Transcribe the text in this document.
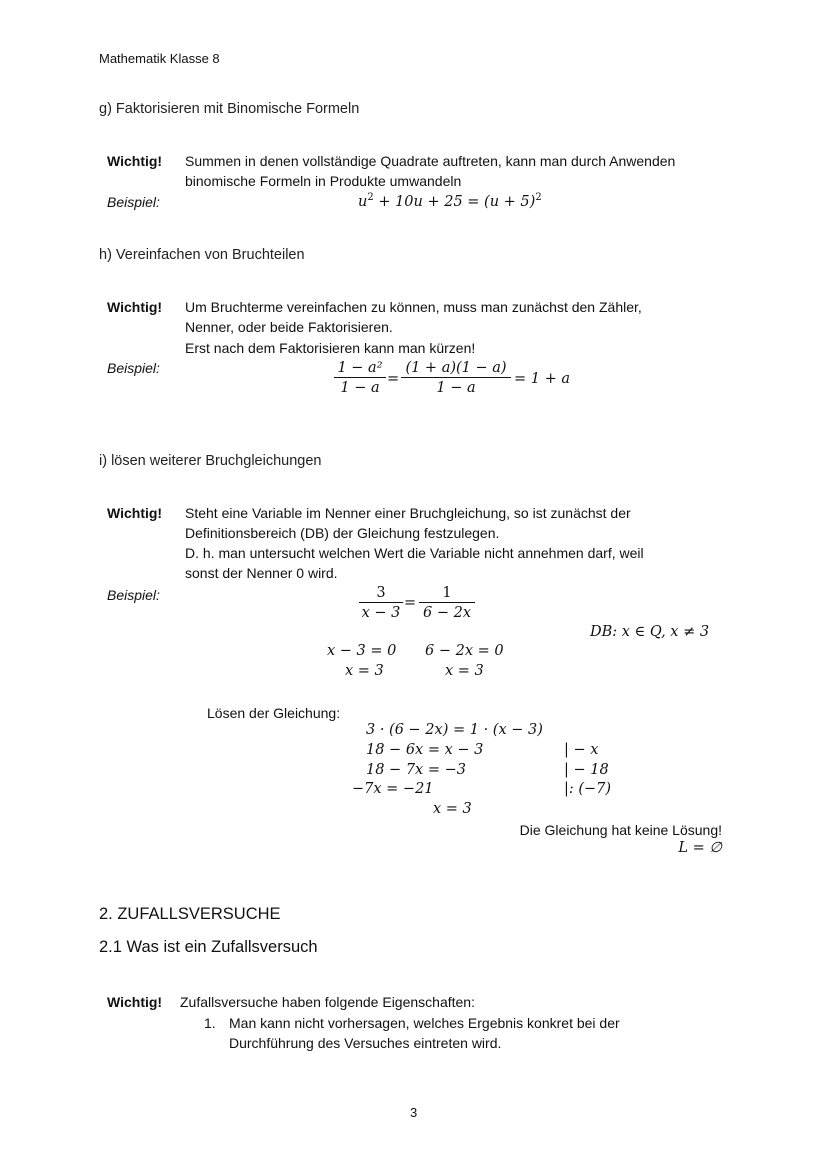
Mathematik Klasse 8
g) Faktorisieren mit Binomische Formeln
Wichtig! Summen in denen vollständige Quadrate auftreten, kann man durch Anwenden
binomische Formeln in Produkte umwandeln
Beispiel:	$u^2 + 10u + 25 = (u + 5)^2$
h) Vereinfachen von Bruchteilen
Wichtig! Um Bruchterme vereinfachen zu können, muss man zunächst den Zähler,
Nenner, oder beide Faktorisieren.
Erst nach dem Faktorisieren kann man kürzen!
Beispiel:	$\frac{\text{1 − a²}}{1 - a} = \frac{(1 + a)(1 - a)}{1 - a} = 1 + a$
i) lösen weiterer Bruchgleichungen
Wichtig! Steht eine Variable im Nenner einer Bruchgleichung, so ist zunächst der
Definitionsbereich (DB) der Gleichung festzulegen.
D. h. man untersucht welchen Wert die Variable nicht annehmen darf, weil
sonst der Nenner 0 wird.
Beispiel:	$\frac{3}{x - 3} = \frac{1}{6 - 2x}$
DB: x ∈ Q, x ≠ 3
x − 3 = 0
x = 3
6 − 2x = 0
x = 3
Lösen der Gleichung:
3 · (6 − 2x) = 1 · (x − 3)
18 − 6x = x − 3
18 − 7x = −3
−7x = −21
x = 3
| − x
| − 18
|: (−7)
Die Gleichung hat keine Lösung!
L = ∅
2. ZUFALLSVERSUCHE
2.1 Was ist ein Zufallsversuch
Wichtig! Zufallsversuche haben folgende Eigenschaften:
1. Man kann nicht vorhersagen, welches Ergebnis konkret bei der
Durchführung des Versuches eintreten wird.
3
